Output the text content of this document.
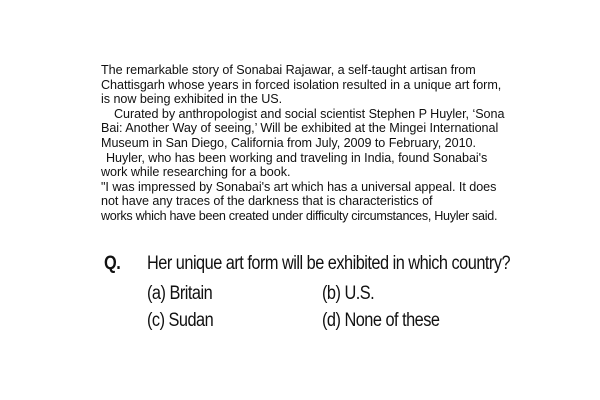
The remarkable story of Sonabai Rajawar, a self-taught artisan from Chattisgarh whose years in forced isolation resulted in a unique art form, is now being exhibited in the US.

Curated by anthropologist and social scientist Stephen P Huyler, ‘Sona Bai: Another Way of seeing,’ Will be exhibited at the Mingei International Museum in San Diego, California from July, 2009 to February, 2010.

Huyler, who has been working and traveling in India, found Sonabai's work while researching for a book.

"I was impressed by Sonabai's art which has a universal appeal. It does not have any traces of the darkness that is characteristics of

works which have been created under difficulty circumstances, Huyler said.

Q.	Her unique art form will be exhibited in which country?
(a) Britain	(b) U.S.
(c) Sudan	(d) None of these
